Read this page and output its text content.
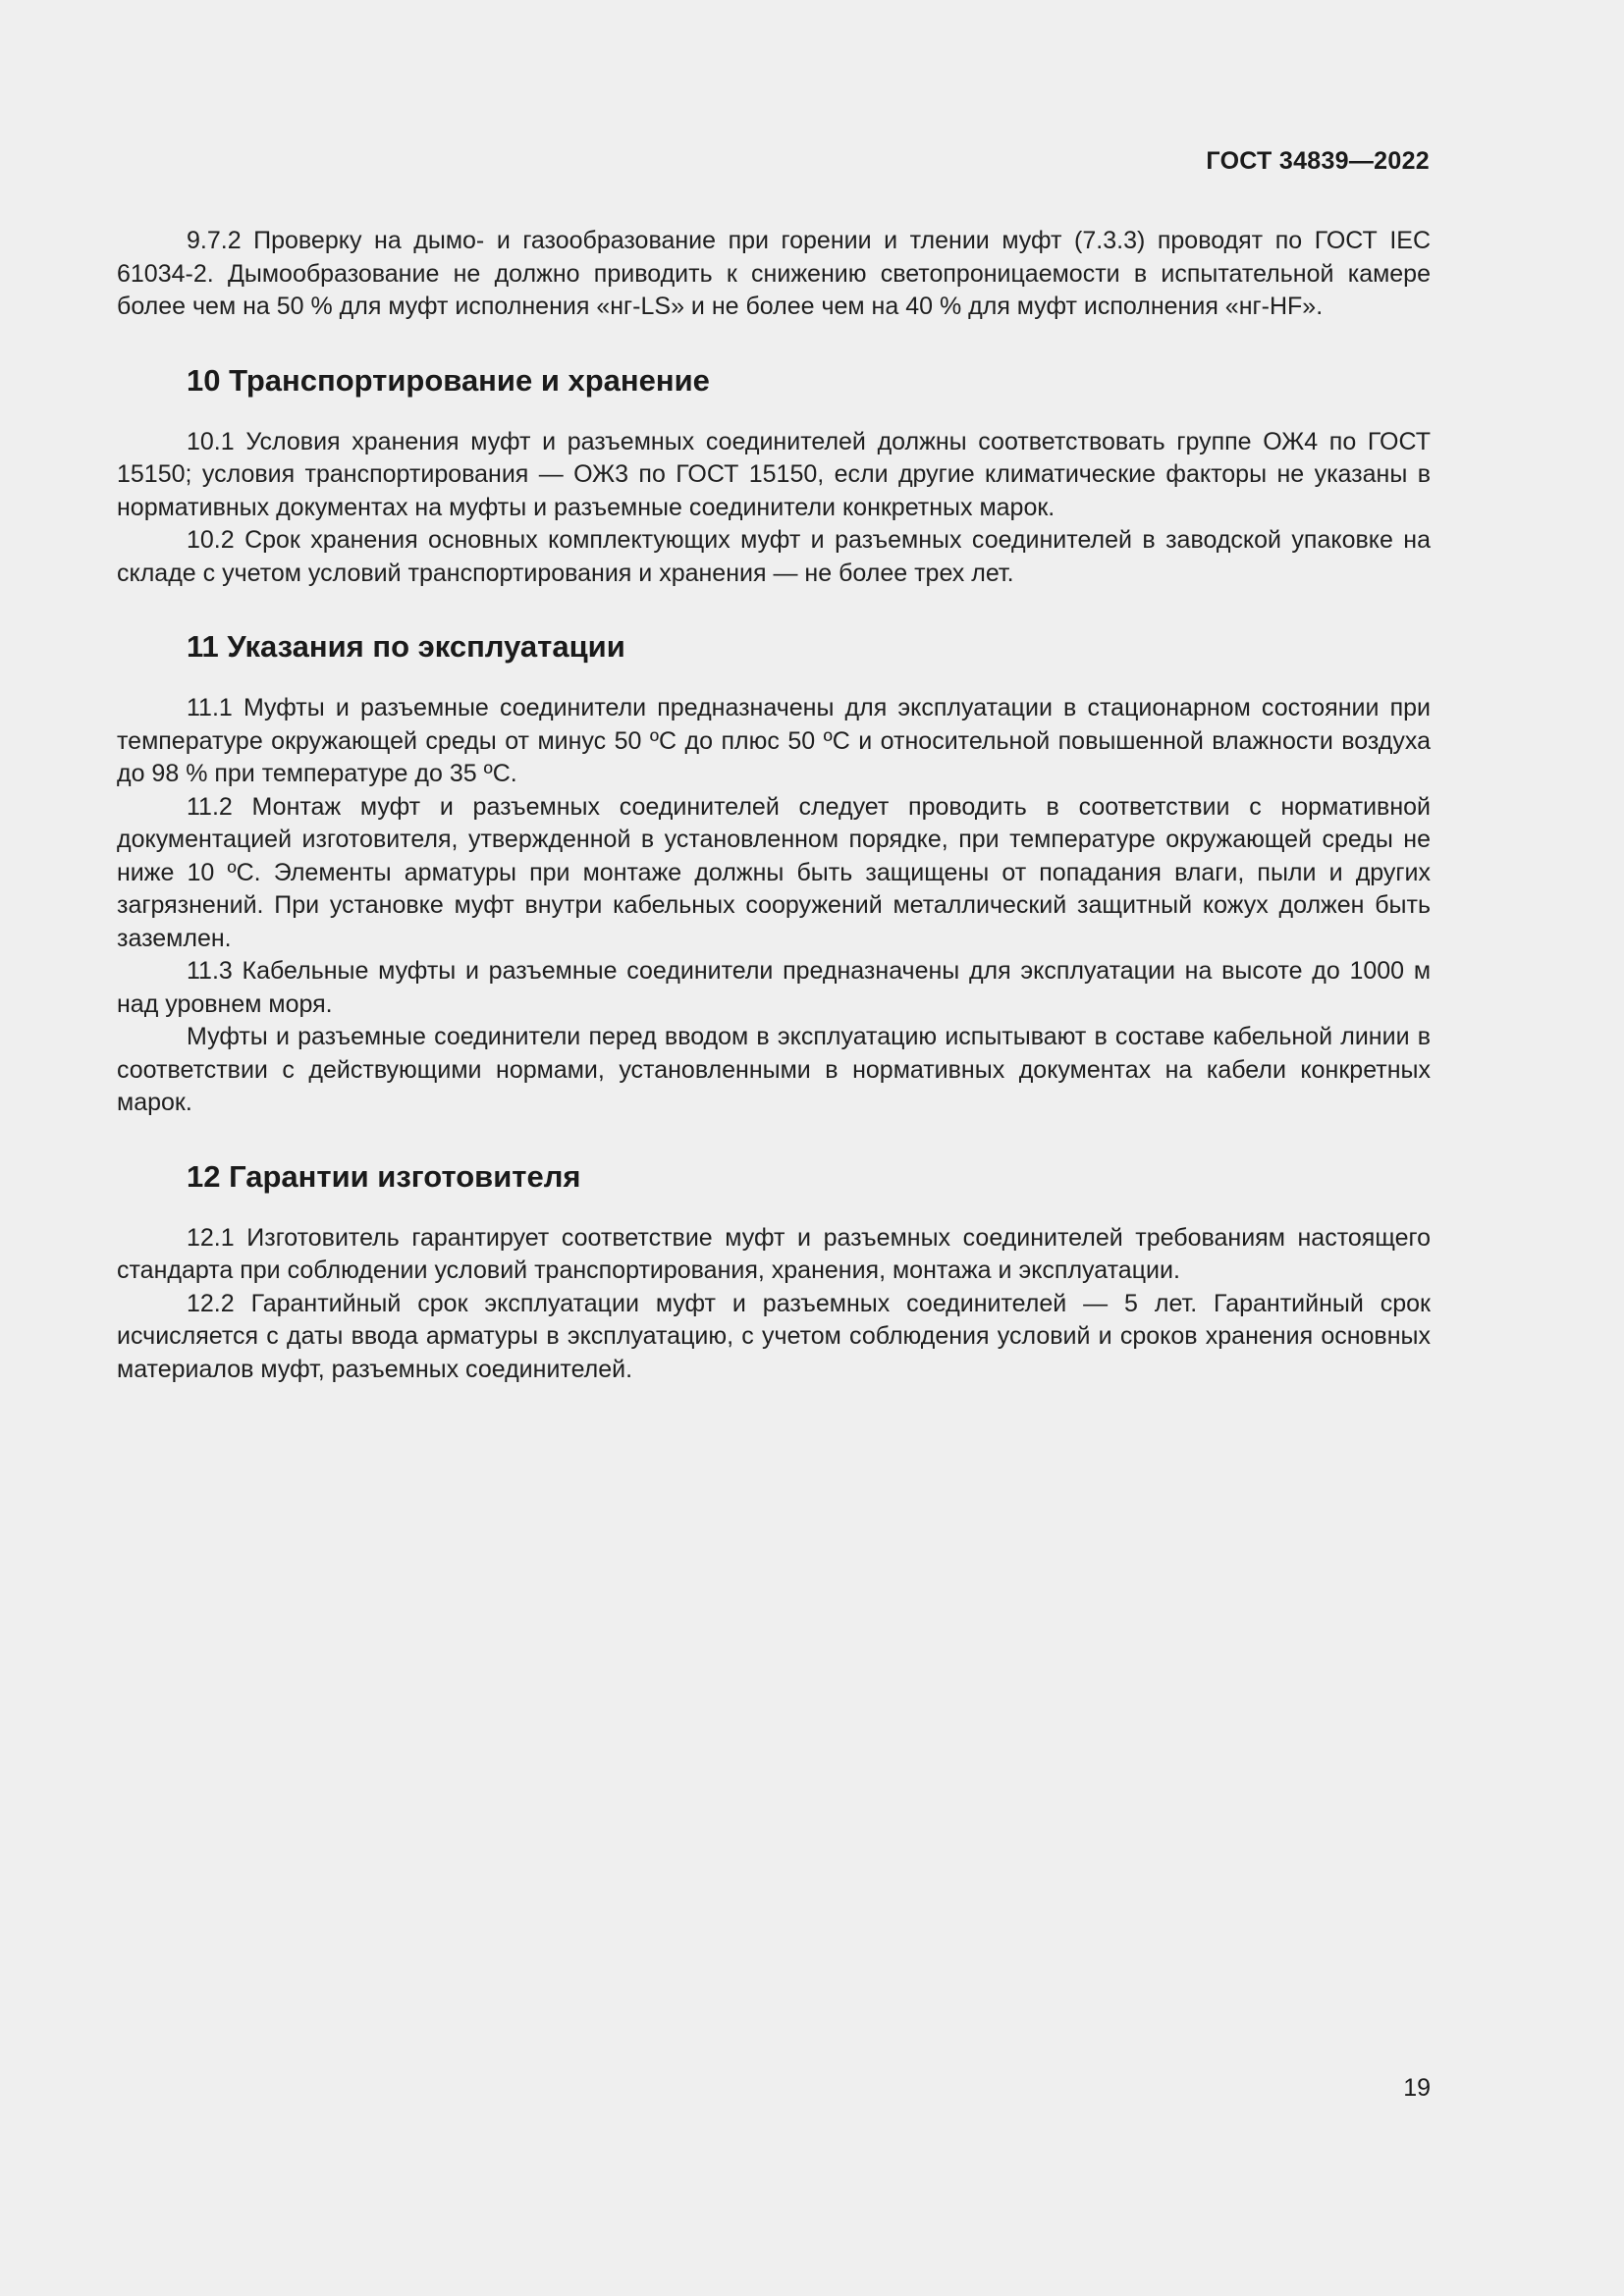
ГОСТ 34839—2022

9.7.2 Проверку на дымо- и газообразование при горении и тлении муфт (7.3.3) проводят по ГОСТ IEC 61034-2. Дымообразование не должно приводить к снижению светопроницаемости в испытательной камере более чем на 50 % для муфт исполнения «нг-LS» и не более чем на 40 % для муфт исполнения «нг-HF».

10 Транспортирование и хранение

10.1 Условия хранения муфт и разъемных соединителей должны соответствовать группе ОЖ4 по ГОСТ 15150; условия транспортирования — ОЖ3 по ГОСТ 15150, если другие климатические факторы не указаны в нормативных документах на муфты и разъемные соединители конкретных марок.

10.2 Срок хранения основных комплектующих муфт и разъемных соединителей в заводской упаковке на складе с учетом условий транспортирования и хранения — не более трех лет.

11 Указания по эксплуатации

11.1 Муфты и разъемные соединители предназначены для эксплуатации в стационарном состоянии при температуре окружающей среды от минус 50 ºС до плюс 50 ºС и относительной повышенной влажности воздуха до 98 % при температуре до 35 ºС.

11.2 Монтаж муфт и разъемных соединителей следует проводить в соответствии с нормативной документацией изготовителя, утвержденной в установленном порядке, при температуре окружающей среды не ниже 10 ºС. Элементы арматуры при монтаже должны быть защищены от попадания влаги, пыли и других загрязнений. При установке муфт внутри кабельных сооружений металлический защитный кожух должен быть заземлен.

11.3 Кабельные муфты и разъемные соединители предназначены для эксплуатации на высоте до 1000 м над уровнем моря.

Муфты и разъемные соединители перед вводом в эксплуатацию испытывают в составе кабельной линии в соответствии с действующими нормами, установленными в нормативных документах на кабели конкретных марок.

12 Гарантии изготовителя

12.1 Изготовитель гарантирует соответствие муфт и разъемных соединителей требованиям настоящего стандарта при соблюдении условий транспортирования, хранения, монтажа и эксплуатации.

12.2 Гарантийный срок эксплуатации муфт и разъемных соединителей — 5 лет. Гарантийный срок исчисляется с даты ввода арматуры в эксплуатацию, с учетом соблюдения условий и сроков хранения основных материалов муфт, разъемных соединителей.

19
